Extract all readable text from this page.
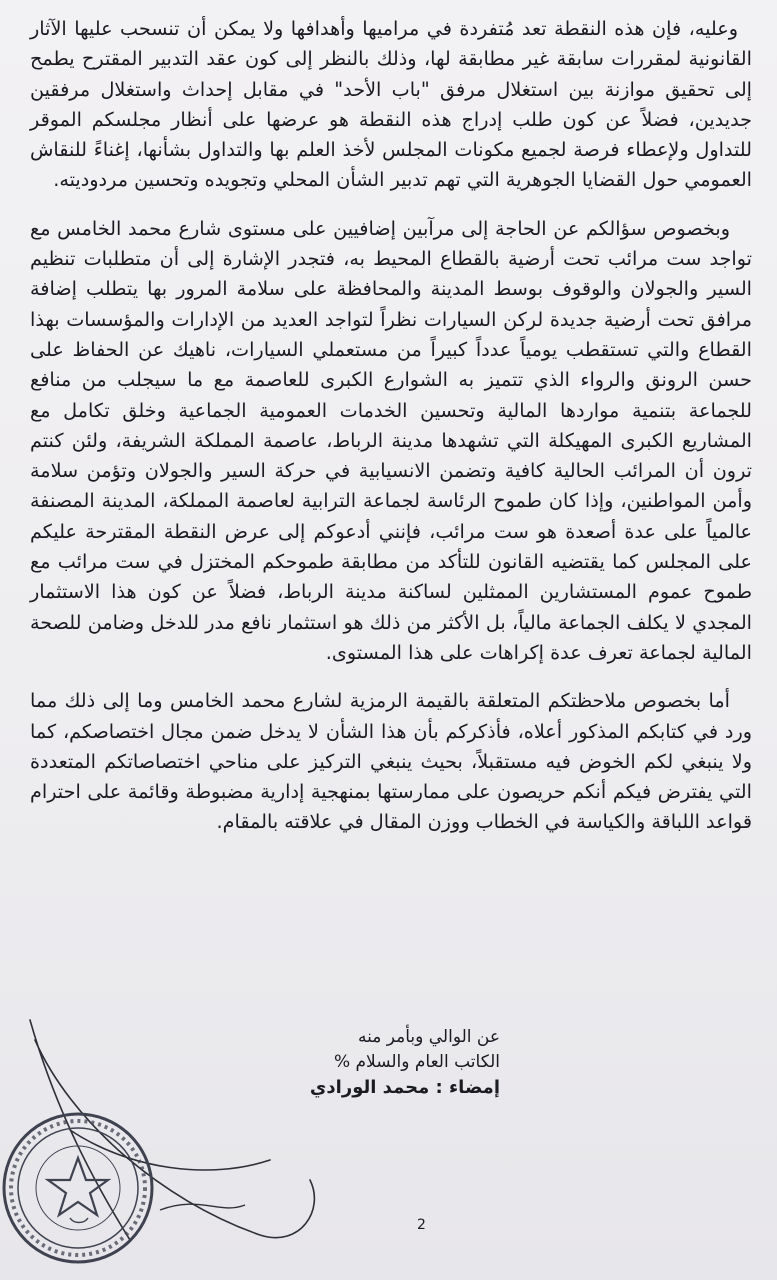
وعليه، فإن هذه النقطة تعد مُتفردة في مراميها وأهدافها ولا يمكن أن تنسحب عليها الآثار القانونية لمقررات سابقة غير مطابقة لها، وذلك بالنظر إلى كون عقد التدبير المقترح يطمح إلى تحقيق موازنة بين استغلال مرفق "باب الأحد" في مقابل إحداث واستغلال مرفقين جديدين، فضلاً عن كون طلب إدراج هذه النقطة هو عرضها على أنظار مجلسكم الموقر للتداول ولإعطاء فرصة لجميع مكونات المجلس لأخذ العلم بها والتداول بشأنها، إغناءً للنقاش العمومي حول القضايا الجوهرية التي تهم تدبير الشأن المحلي وتجويده وتحسين مردوديته.

وبخصوص سؤالكم عن الحاجة إلى مرآبين إضافيين على مستوى شارع محمد الخامس مع تواجد ست مرائب تحت أرضية بالقطاع المحيط به، فتجدر الإشارة إلى أن متطلبات تنظيم السير والجولان والوقوف بوسط المدينة والمحافظة على سلامة المرور بها يتطلب إضافة مرافق تحت أرضية جديدة لركن السيارات نظراً لتواجد العديد من الإدارات والمؤسسات بهذا القطاع والتي تستقطب يومياً عدداً كبيراً من مستعملي السيارات، ناهيك عن الحفاظ على حسن الرونق والرواء الذي تتميز به الشوارع الكبرى للعاصمة مع ما سيجلب من منافع للجماعة بتنمية مواردها المالية وتحسين الخدمات العمومية الجماعية وخلق تكامل مع المشاريع الكبرى المهيكلة التي تشهدها مدينة الرباط، عاصمة المملكة الشريفة، ولئن كنتم ترون أن المرائب الحالية كافية وتضمن الانسيابية في حركة السير والجولان وتؤمن سلامة وأمن المواطنين، وإذا كان طموح الرئاسة لجماعة الترابية لعاصمة المملكة، المدينة المصنفة عالمياً على عدة أصعدة هو ست مرائب، فإنني أدعوكم إلى عرض النقطة المقترحة عليكم على المجلس كما يقتضيه القانون للتأكد من مطابقة طموحكم المختزل في ست مرائب مع طموح عموم المستشارين الممثلين لساكنة مدينة الرباط، فضلاً عن كون هذا الاستثمار المجدي لا يكلف الجماعة مالياً، بل الأكثر من ذلك هو استثمار نافع مدر للدخل وضامن للصحة المالية لجماعة تعرف عدة إكراهات على هذا المستوى.

أما بخصوص ملاحظتكم المتعلقة بالقيمة الرمزية لشارع محمد الخامس وما إلى ذلك مما ورد في كتابكم المذكور أعلاه، فأذكركم بأن هذا الشأن لا يدخل ضمن مجال اختصاصكم، كما ولا ينبغي لكم الخوض فيه مستقبلاً، بحيث ينبغي التركيز على مناحي اختصاصاتكم المتعددة التي يفترض فيكم أنكم حريصون على ممارستها بمنهجية إدارية مضبوطة وقائمة على احترام قواعد اللباقة والكياسة في الخطاب ووزن المقال في علاقته بالمقام.

عن الوالي وبأمر منه
الكاتب العام والسلام %
إمضاء : محمد الورادي
2
